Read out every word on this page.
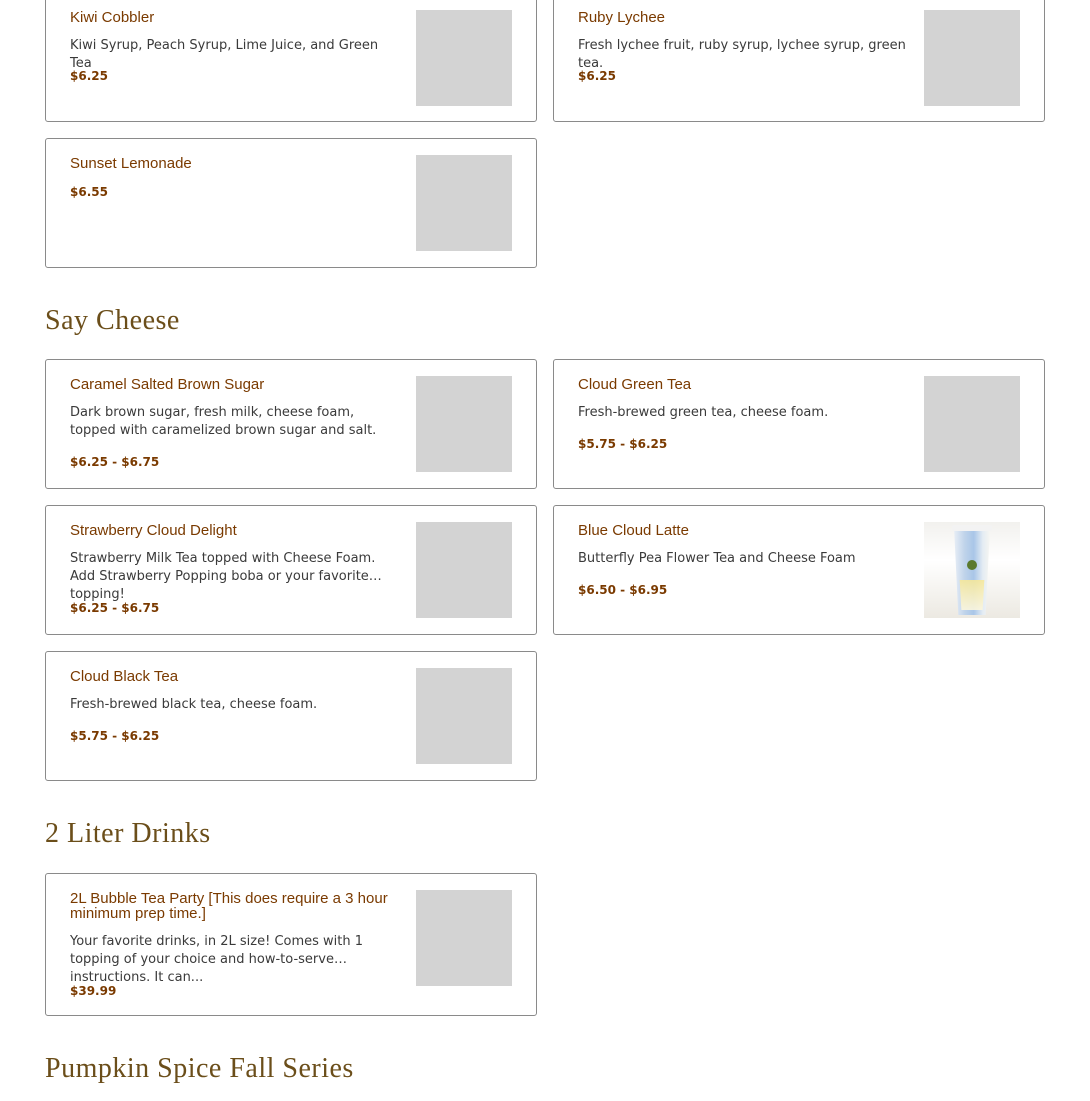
Kiwi Cobbler
Kiwi Syrup, Peach Syrup, Lime Juice, and Green Tea
$6.25
Ruby Lychee
Fresh lychee fruit, ruby syrup, lychee syrup, green tea.
$6.25
Sunset Lemonade
$6.55
Say Cheese
Caramel Salted Brown Sugar
Dark brown sugar, fresh milk, cheese foam, topped with caramelized brown sugar and salt.
$6.25 - $6.75
Cloud Green Tea
Fresh-brewed green tea, cheese foam.
$5.75 - $6.25
Strawberry Cloud Delight
Strawberry Milk Tea topped with Cheese Foam. Add Strawberry Popping boba or your favorite topping!
$6.25 - $6.75
Blue Cloud Latte
Butterfly Pea Flower Tea and Cheese Foam
$6.50 - $6.95
Cloud Black Tea
Fresh-brewed black tea, cheese foam.
$5.75 - $6.25
2 Liter Drinks
2L Bubble Tea Party [This does require a 3 hour minimum prep time.]
Your favorite drinks, in 2L size! Comes with 1 topping of your choice and how-to-serve instructions. It can...
$39.99
Pumpkin Spice Fall Series
